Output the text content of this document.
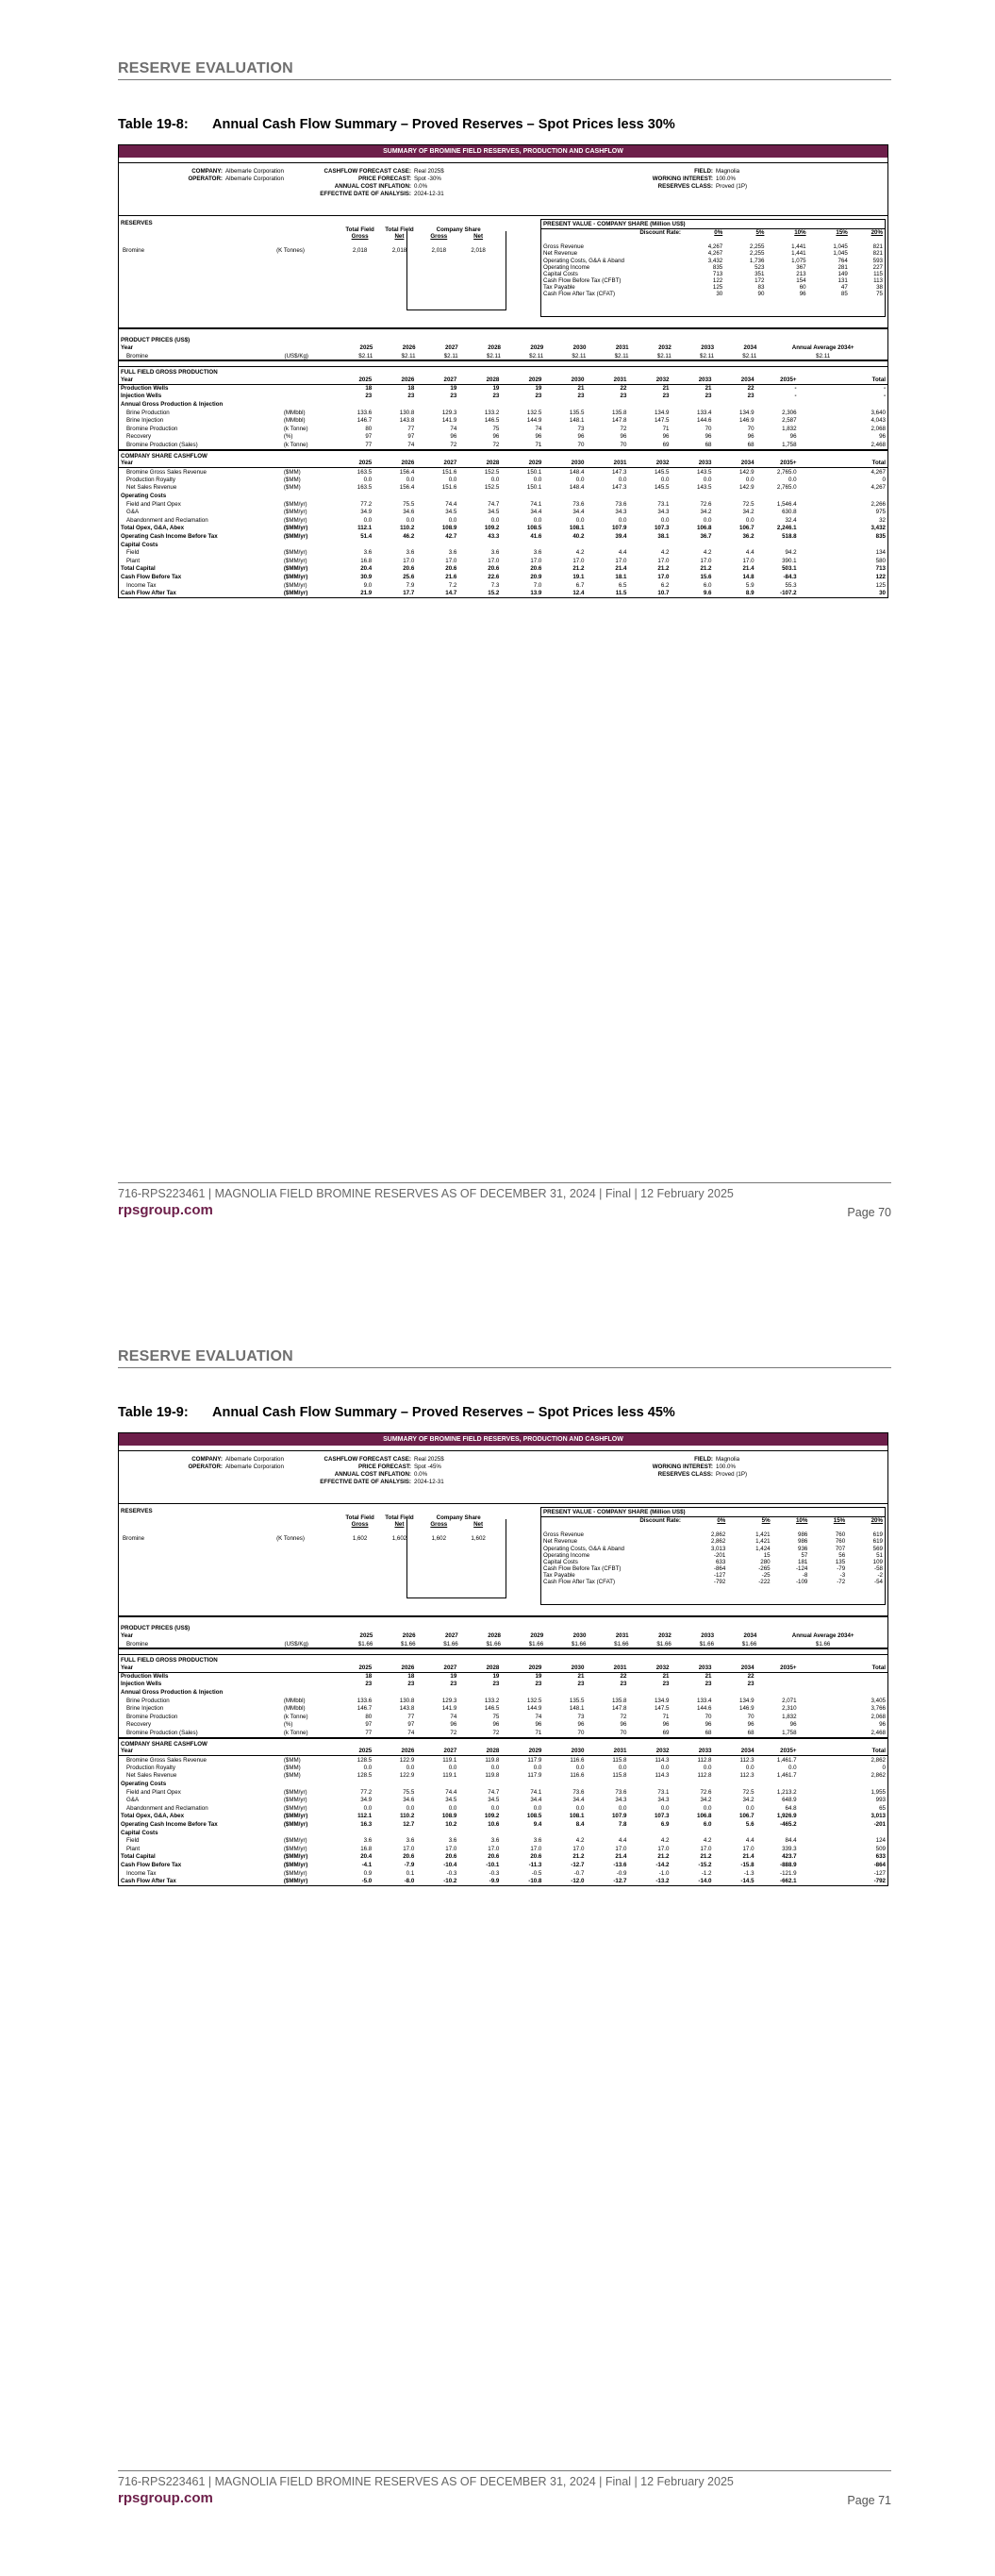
RESERVE EVALUATION
Table 19-8: Annual Cash Flow Summary – Proved Reserves – Spot Prices less 30%
SUMMARY OF BROMINE FIELD RESERVES, PRODUCTION AND CASHFLOW
COMPANY: Albemarle Corporation
OPERATOR: Albemarle Corporation
CASHFLOW FORECAST CASE: Real 2025$
PRICE FORECAST: Spot -30%
ANNUAL COST INFLATION: 0.0%
EFFECTIVE DATE OF ANALYSIS: 2024-12-31
FIELD: Magnolia
WORKING INTEREST: 100.0%
RESERVES CLASS: Proved (1P)
RESERVES
		Total Field	Total Field	Company Share	
		Gross	Net	Gross	Net

Bromine	(K Tonnes)	2,018	2,018	2,018	2,018
PRESENT VALUE - COMPANY SHARE (Million US$)
Discount Rate:	0%	5%	10%	15%	20%

Gross Revenue	4,267	2,255	1,441	1,045	821
Net Revenue	4,267	2,255	1,441	1,045	821
Operating Costs, G&A & Aband	3,432	1,736	1,075	764	593
Operating Income	835	523	367	281	227
Capital Costs	713	351	213	149	115
Cash Flow Before Tax (CFBT)	122	172	154	131	113
Tax Payable	125	83	60	47	38
Cash Flow After Tax (CFAT)	30	90	96	85	75
PRODUCT PRICES (US$)
Year		2025	2026	2027	2028	2029	2030	2031	2032	2033	2034	Annual Average 2034+

Bromine	(US$/Kg)	$2.11	$2.11	$2.11	$2.11	$2.11	$2.11	$2.11	$2.11	$2.11	$2.11	$2.11

FULL FIELD GROSS PRODUCTION
Year		2025	2026	2027	2028	2029	2030	2031	2032	2033	2034	2035+	Total

Production Wells		18	18	19	19	19	21	22	21	21	22	-	-
Injection Wells		23	23	23	23	23	23	23	23	23	23	-	-
Annual Gross Production & Injection													
Brine Production	(MMbbl)	133.6	130.8	129.3	133.2	132.5	135.5	135.8	134.9	133.4	134.9	2,306	3,640
Brine Injection	(MMbbl)	146.7	143.8	141.9	146.5	144.9	148.1	147.8	147.5	144.6	146.9	2,587	4,043
Bromine Production	(k Tonne)	80	77	74	75	74	73	72	71	70	70	1,832	2,068
Recovery	(%)	97	97	96	96	96	96	96	96	96	96	96	96
Bromine Production (Sales)	(k Tonne)	77	74	72	72	71	70	70	69	68	68	1,758	2,468

COMPANY SHARE CASHFLOW
Year		2025	2026	2027	2028	2029	2030	2031	2032	2033	2034	2035+	Total
Bromine Gross Sales Revenue	($MM)	163.5	156.4	151.6	152.5	150.1	148.4	147.3	145.5	143.5	142.9	2,765.0	4,267
Production Royalty	($MM)	0.0	0.0	0.0	0.0	0.0	0.0	0.0	0.0	0.0	0.0	0.0	0
Net Sales Revenue	($MM)	163.5	156.4	151.6	152.5	150.1	148.4	147.3	145.5	143.5	142.9	2,765.0	4,267
Operating Costs													
Field and Plant Opex	($MM/yr)	77.2	75.5	74.4	74.7	74.1	73.6	73.6	73.1	72.6	72.5	1,546.4	2,266
G&A	($MM/yr)	34.9	34.6	34.5	34.5	34.4	34.4	34.3	34.3	34.2	34.2	630.8	975
Abandonment and Reclamation	($MM/yr)	0.0	0.0	0.0	0.0	0.0	0.0	0.0	0.0	0.0	0.0	32.4	32
Total Opex, G&A, Abex	($MM/yr)	112.1	110.2	108.9	109.2	108.5	108.1	107.9	107.3	106.8	106.7	2,246.1	3,432

Operating Cash Income Before Tax	($MM/yr)	51.4	46.2	42.7	43.3	41.6	40.2	39.4	38.1	36.7	36.2	518.8	835

Capital Costs													
Field	($MM/yr)	3.6	3.6	3.6	3.6	3.6	4.2	4.4	4.2	4.2	4.4	94.2	134
Plant	($MM/yr)	16.8	17.0	17.0	17.0	17.0	17.0	17.0	17.0	17.0	17.0	390.1	580
Total Capital	($MM/yr)	20.4	20.6	20.6	20.6	20.6	21.2	21.4	21.2	21.2	21.4	503.1	713

Cash Flow Before Tax	($MM/yr)	30.9	25.6	21.6	22.6	20.9	19.1	18.1	17.0	15.6	14.8	-84.3	122
Income Tax	($MM/yr)	9.0	7.9	7.2	7.3	7.0	6.7	6.5	6.2	6.0	5.9	55.3	125
Cash Flow After Tax	($MM/yr)	21.9	17.7	14.7	15.2	13.9	12.4	11.5	10.7	9.6	8.9	-107.2	30

716-RPS223461 | MAGNOLIA FIELD BROMINE RESERVES AS OF DECEMBER 31, 2024 | Final | 12 February 2025
rpsgroup.com	Page 70
RESERVE EVALUATION
Table 19-9: Annual Cash Flow Summary – Proved Reserves – Spot Prices less 45%
SUMMARY OF BROMINE FIELD RESERVES, PRODUCTION AND CASHFLOW
COMPANY: Albemarle Corporation
OPERATOR: Albemarle Corporation
CASHFLOW FORECAST CASE: Real 2025$
PRICE FORECAST: Spot -45%
ANNUAL COST INFLATION: 0.0%
EFFECTIVE DATE OF ANALYSIS: 2024-12-31
FIELD: Magnolia
WORKING INTEREST: 100.0%
RESERVES CLASS: Proved (1P)
RESERVES
		Total Field	Total Field	Company Share	
		Gross	Net	Gross	Net

Bromine	(K Tonnes)	1,602	1,602	1,602	1,602
PRESENT VALUE - COMPANY SHARE (Million US$)
Discount Rate:	0%	5%	10%	15%	20%

Gross Revenue	2,862	1,421	986	760	619
Net Revenue	2,862	1,421	986	760	619
Operating Costs, G&A & Aband	3,013	1,424	936	707	569
Operating Income	-201	15	57	56	51
Capital Costs	633	280	181	135	109
Cash Flow Before Tax (CFBT)	-864	-265	-124	-79	-58
Tax Payable	-127	-25	-8	-3	-2
Cash Flow After Tax (CFAT)	-792	-222	-109	-72	-54
PRODUCT PRICES (US$)
Year		2025	2026	2027	2028	2029	2030	2031	2032	2033	2034	Annual Average 2034+

Bromine	(US$/Kg)	$1.66	$1.66	$1.66	$1.66	$1.66	$1.66	$1.66	$1.66	$1.66	$1.66	$1.66

FULL FIELD GROSS PRODUCTION
Year		2025	2026	2027	2028	2029	2030	2031	2032	2033	2034	2035+	Total

Production Wells		18	18	19	19	19	21	22	21	21	22		
Injection Wells		23	23	23	23	23	23	23	23	23	23		
Annual Gross Production & Injection													
Brine Production	(MMbbl)	133.6	130.8	129.3	133.2	132.5	135.5	135.8	134.9	133.4	134.9	2,071	3,405
Brine Injection	(MMbbl)	146.7	143.8	141.9	146.5	144.9	148.1	147.8	147.5	144.6	146.9	2,310	3,766
Bromine Production	(k Tonne)	80	77	74	75	74	73	72	71	70	70	1,832	2,068
Recovery	(%)	97	97	96	96	96	96	96	96	96	96	96	96
Bromine Production (Sales)	(k Tonne)	77	74	72	72	71	70	70	69	68	68	1,758	2,468

COMPANY SHARE CASHFLOW
Year		2025	2026	2027	2028	2029	2030	2031	2032	2033	2034	2035+	Total
Bromine Gross Sales Revenue	($MM)	128.5	122.9	119.1	119.8	117.9	116.6	115.8	114.3	112.8	112.3	1,461.7	2,862
Production Royalty	($MM)	0.0	0.0	0.0	0.0	0.0	0.0	0.0	0.0	0.0	0.0	0.0	0
Net Sales Revenue	($MM)	128.5	122.9	119.1	119.8	117.9	116.6	115.8	114.3	112.8	112.3	1,461.7	2,862
Operating Costs													
Field and Plant Opex	($MM/yr)	77.2	75.5	74.4	74.7	74.1	73.6	73.6	73.1	72.6	72.5	1,213.2	1,955
G&A	($MM/yr)	34.9	34.6	34.5	34.5	34.4	34.4	34.3	34.3	34.2	34.2	648.9	993
Abandonment and Reclamation	($MM/yr)	0.0	0.0	0.0	0.0	0.0	0.0	0.0	0.0	0.0	0.0	64.8	65
Total Opex, G&A, Abex	($MM/yr)	112.1	110.2	108.9	109.2	108.5	108.1	107.9	107.3	106.8	106.7	1,926.9	3,013

Operating Cash Income Before Tax	($MM/yr)	16.3	12.7	10.2	10.6	9.4	8.4	7.8	6.9	6.0	5.6	-465.2	-201

Capital Costs													
Field	($MM/yr)	3.6	3.6	3.6	3.6	3.6	4.2	4.4	4.2	4.2	4.4	84.4	124
Plant	($MM/yr)	16.8	17.0	17.0	17.0	17.0	17.0	17.0	17.0	17.0	17.0	339.3	509
Total Capital	($MM/yr)	20.4	20.6	20.6	20.6	20.6	21.2	21.4	21.2	21.2	21.4	423.7	633

Cash Flow Before Tax	($MM/yr)	-4.1	-7.9	-10.4	-10.1	-11.3	-12.7	-13.6	-14.2	-15.2	-15.8	-888.9	-864
Income Tax	($MM/yr)	0.9	0.1	-0.3	-0.3	-0.5	-0.7	-0.9	-1.0	-1.2	-1.3	-121.9	-127
Cash Flow After Tax	($MM/yr)	-5.0	-8.0	-10.2	-9.9	-10.8	-12.0	-12.7	-13.2	-14.0	-14.5	-662.1	-792

716-RPS223461 | MAGNOLIA FIELD BROMINE RESERVES AS OF DECEMBER 31, 2024 | Final | 12 February 2025
rpsgroup.com	Page 71
